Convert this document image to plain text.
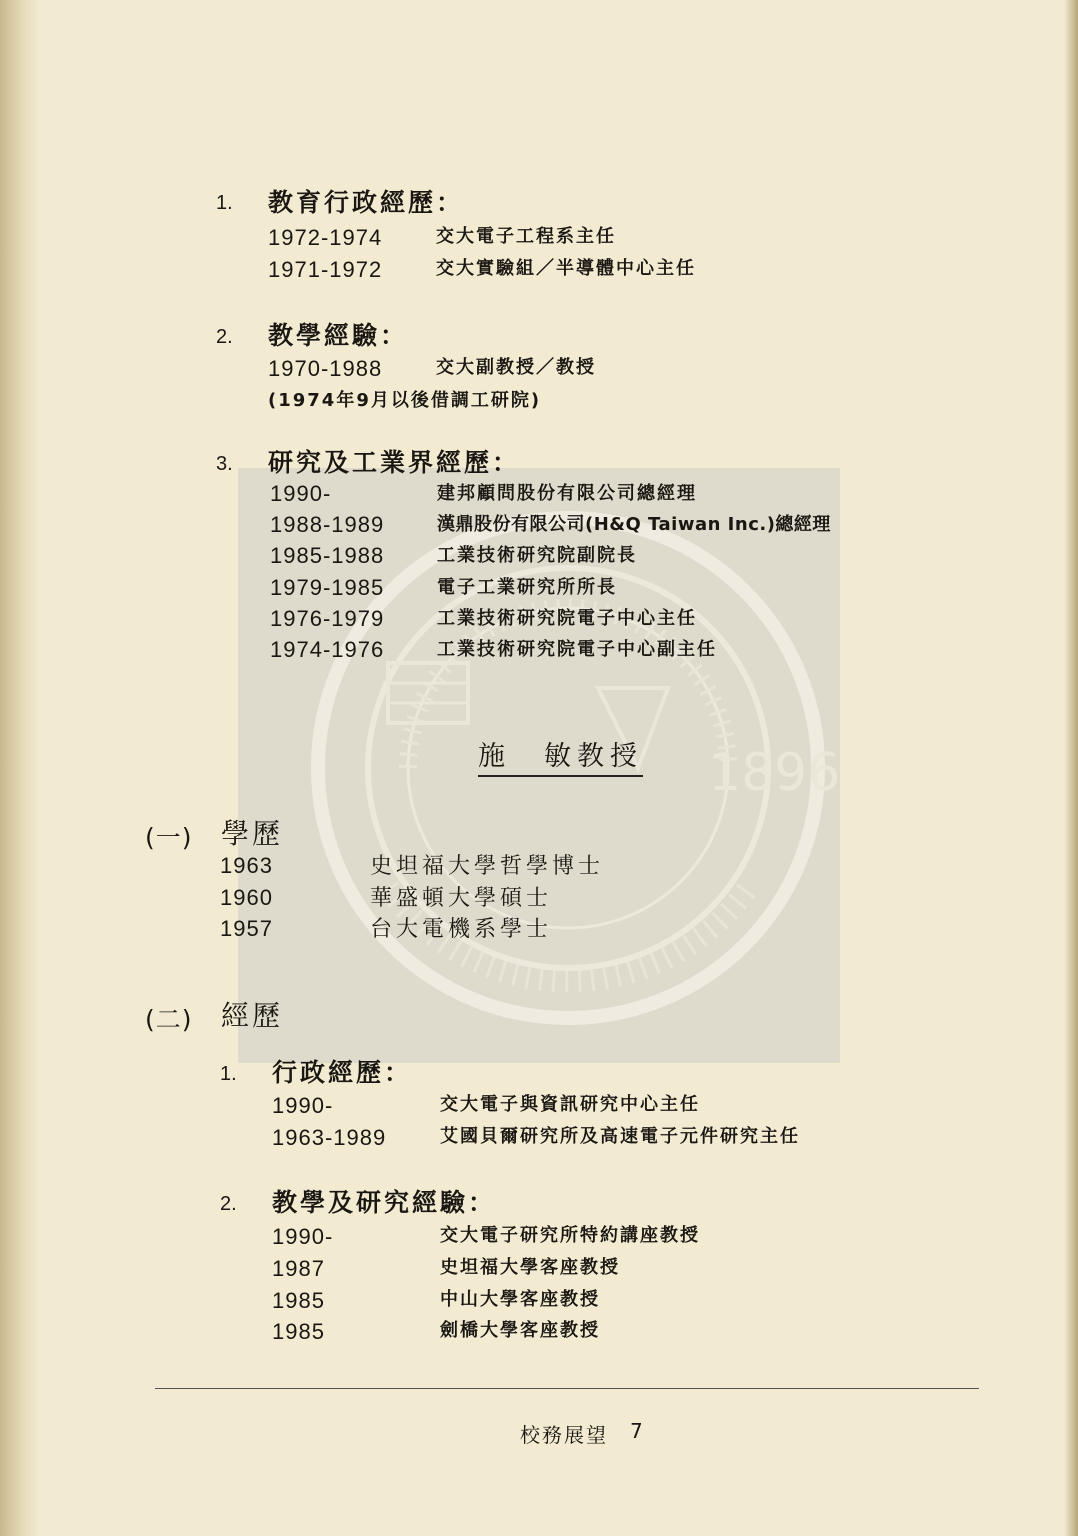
1896
1. 教育行政經歷：
1972-1974	交大電子工程系主任
1971-1972	交大實驗組／半導體中心主任
2. 教學經驗：
1970-1988	交大副教授／教授
(1974年9月以後借調工研院)
3. 研究及工業界經歷：
1990-	建邦顧問股份有限公司總經理
1988-1989	漢鼎股份有限公司(H&Q Taiwan Inc.)總經理
1985-1988	工業技術研究院副院長
1979-1985	電子工業研究所所長
1976-1979	工業技術研究院電子中心主任
1974-1976	工業技術研究院電子中心副主任
施　敏教授
(一) 學歷
1963	史坦福大學哲學博士
1960	華盛頓大學碩士
1957	台大電機系學士
(二) 經歷
1. 行政經歷：
1990-	交大電子與資訊研究中心主任
1963-1989	艾國貝爾研究所及高速電子元件研究主任
2. 教學及研究經驗：
1990-	交大電子研究所特約講座教授
1987	史坦福大學客座教授
1985	中山大學客座教授
1985	劍橋大學客座教授
校務展望 7
